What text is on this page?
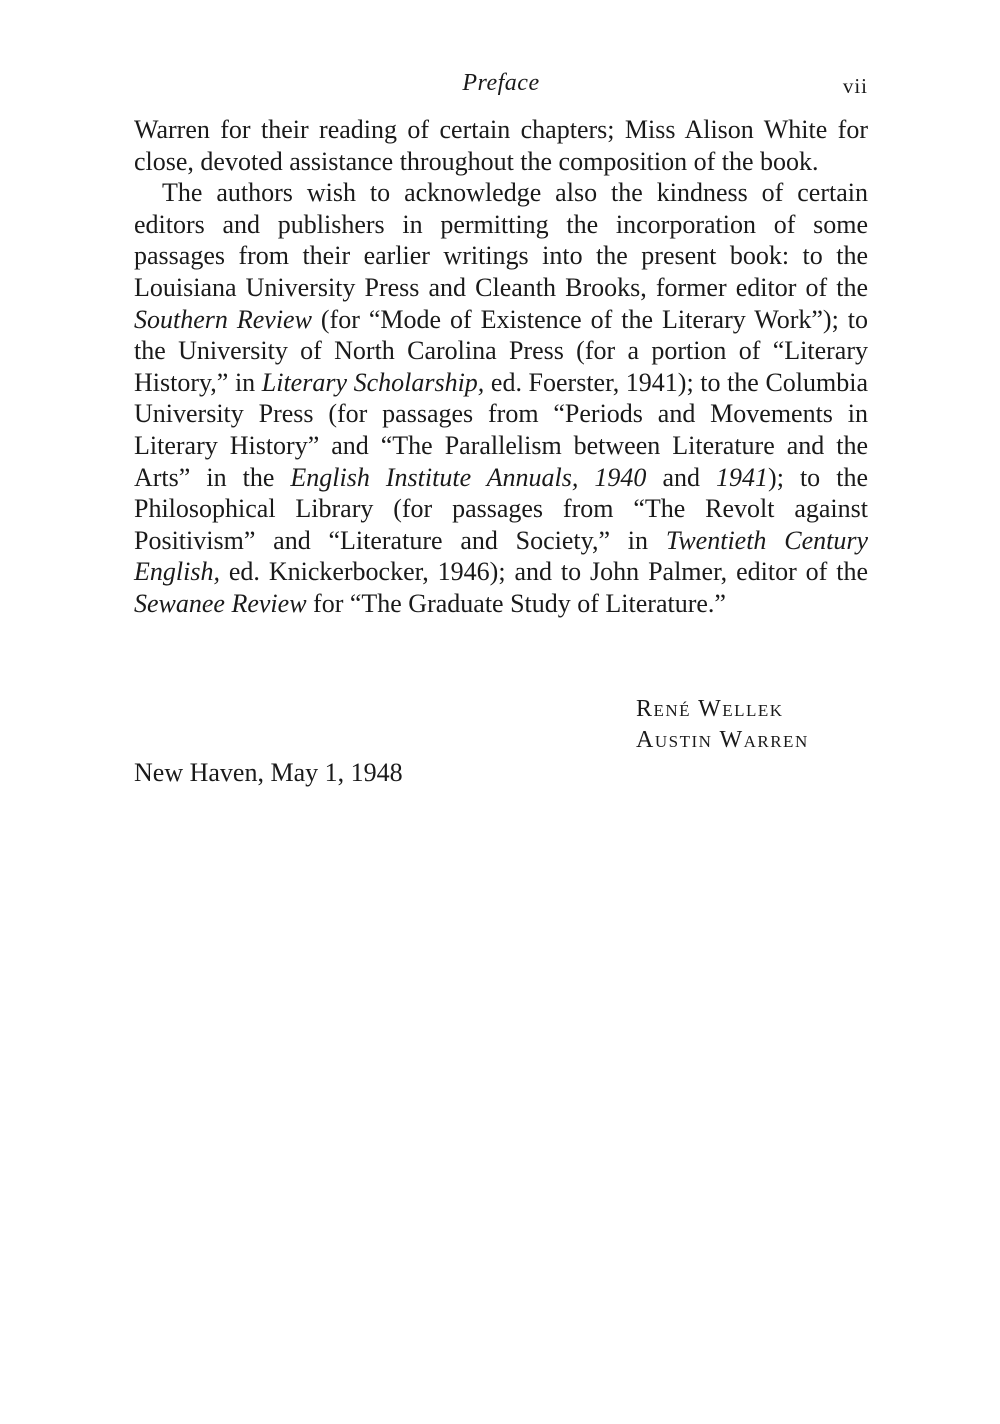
Preface	vii

Warren for their reading of certain chapters; Miss Alison White for close, devoted assistance throughout the composition of the book.

The authors wish to acknowledge also the kindness of certain editors and publishers in permitting the incorporation of some passages from their earlier writings into the present book: to the Louisiana University Press and Cleanth Brooks, former editor of the Southern Review (for “Mode of Existence of the Literary Work”); to the University of North Carolina Press (for a portion of “Literary History,” in Literary Scholarship, ed. Foerster, 1941); to the Columbia University Press (for passages from “Periods and Movements in Literary History” and “The Parallelism between Literature and the Arts” in the English Institute Annuals, 1940 and 1941); to the Philosophical Library (for passages from “The Revolt against Positivism” and “Literature and Society,” in Twentieth Century English, ed. Knickerbocker, 1946); and to John Palmer, editor of the Sewanee Review for “The Graduate Study of Literature.”

René Wellek
Austin Warren
New Haven, May 1, 1948
